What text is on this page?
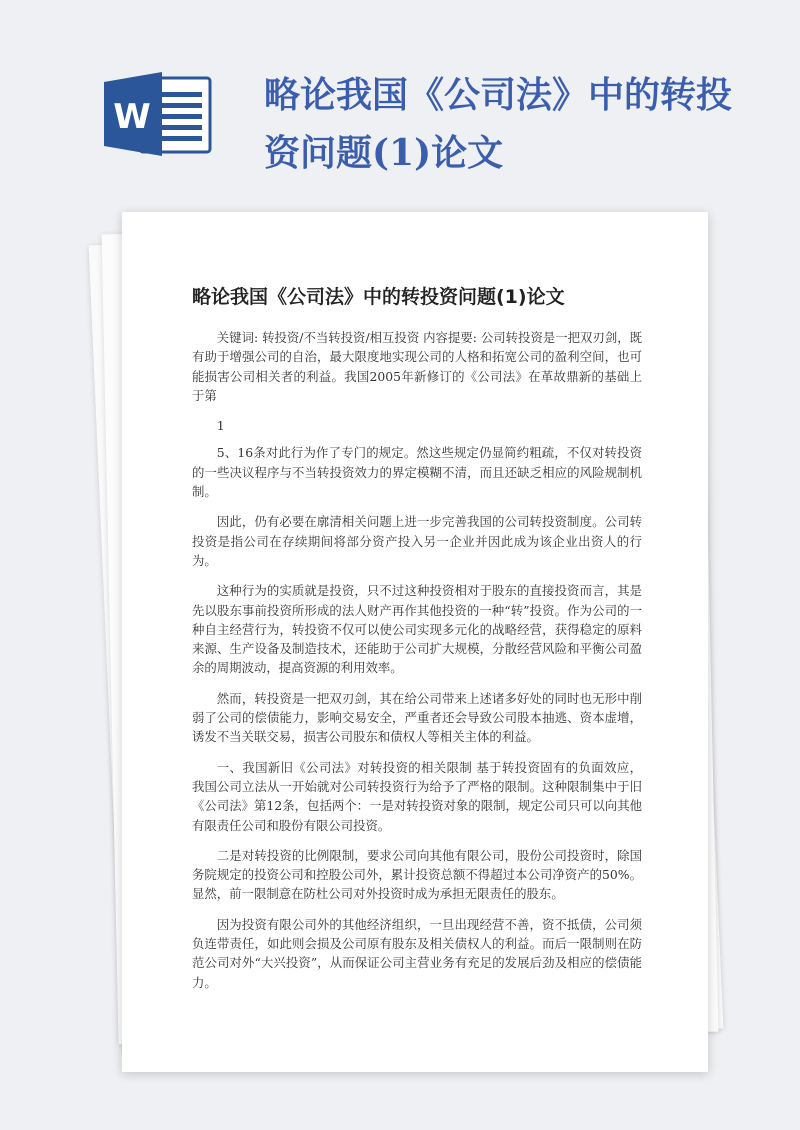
W
略论我国《公司法》中的转投资问题(1)论文
略论我国《公司法》中的转投资问题(1)论文

关键词: 转投资/不当转投资/相互投资 内容提要: 公司转投资是一把双刃剑，既有助于增强公司的自治，最大限度地实现公司的人格和拓宽公司的盈利空间，也可能损害公司相关者的利益。我国2005年新修订的《公司法》在革故鼎新的基础上于第

1

5、16条对此行为作了专门的规定。然这些规定仍显简约粗疏，不仅对转投资的一些决议程序与不当转投资效力的界定模糊不清，而且还缺乏相应的风险规制机制。

因此，仍有必要在廓清相关问题上进一步完善我国的公司转投资制度。公司转投资是指公司在存续期间将部分资产投入另一企业并因此成为该企业出资人的行为。

这种行为的实质就是投资，只不过这种投资相对于股东的直接投资而言，其是先以股东事前投资所形成的法人财产再作其他投资的一种“转”投资。作为公司的一种自主经营行为，转投资不仅可以使公司实现多元化的战略经营，获得稳定的原料来源、生产设备及制造技术，还能助于公司扩大规模，分散经营风险和平衡公司盈余的周期波动，提高资源的利用效率。

然而，转投资是一把双刃剑，其在给公司带来上述诸多好处的同时也无形中削弱了公司的偿债能力，影响交易安全，严重者还会导致公司股本抽逃、资本虚增，诱发不当关联交易，损害公司股东和债权人等相关主体的利益。

一、我国新旧《公司法》对转投资的相关限制 基于转投资固有的负面效应，我国公司立法从一开始就对公司转投资行为给予了严格的限制。这种限制集中于旧《公司法》第12条，包括两个：一是对转投资对象的限制，规定公司只可以向其他有限责任公司和股份有限公司投资。

二是对转投资的比例限制，要求公司向其他有限公司，股份公司投资时，除国务院规定的投资公司和控股公司外，累计投资总额不得超过本公司净资产的50%。显然，前一限制意在防杜公司对外投资时成为承担无限责任的股东。

因为投资有限公司外的其他经济组织，一旦出现经营不善，资不抵债，公司须负连带责任，如此则会损及公司原有股东及相关债权人的利益。而后一限制则在防范公司对外“大兴投资”，从而保证公司主营业务有充足的发展后劲及相应的偿债能力。
